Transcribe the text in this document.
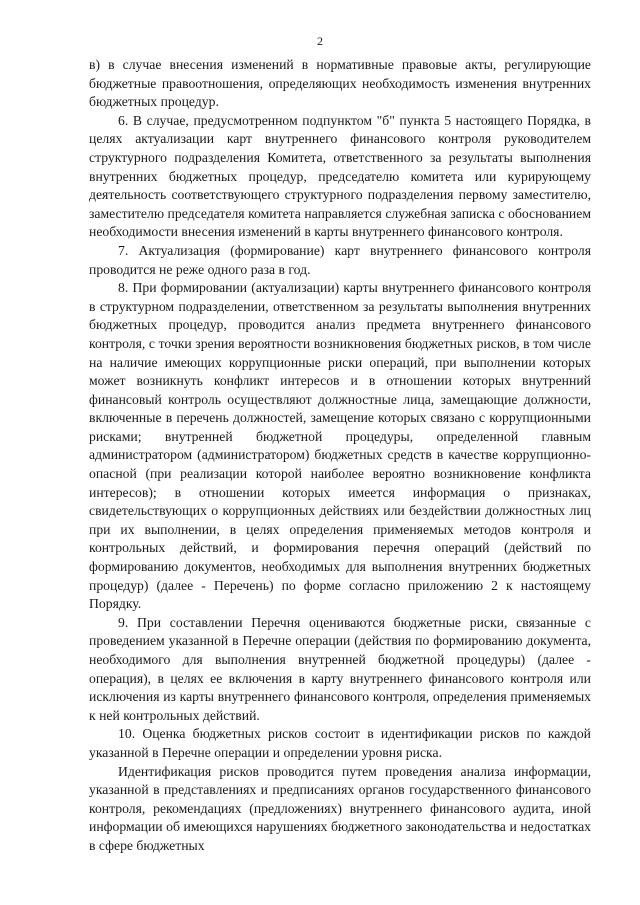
2

в) в случае внесения изменений в нормативные правовые акты, регулирующие бюджетные правоотношения, определяющих необходимость изменения внутренних бюджетных процедур.

6. В случае, предусмотренном подпунктом "б" пункта 5 настоящего Порядка, в целях актуализации карт внутреннего финансового контроля руководителем структурного подразделения Комитета, ответственного за результаты выполнения внутренних бюджетных процедур, председателю комитета или курирующему деятельность соответствующего структурного подразделения первому заместителю, заместителю председателя комитета направляется служебная записка с обоснованием необходимости внесения изменений в карты внутреннего финансового контроля.

7. Актуализация (формирование) карт внутреннего финансового контроля проводится не реже одного раза в год.

8. При формировании (актуализации) карты внутреннего финансового контроля в структурном подразделении, ответственном за результаты выполнения внутренних бюджетных процедур, проводится анализ предмета внутреннего финансового контроля, с точки зрения вероятности возникновения бюджетных рисков, в том числе на наличие имеющих коррупционные риски операций, при выполнении которых может возникнуть конфликт интересов и в отношении которых внутренний финансовый контроль осуществляют должностные лица, замещающие должности, включенные в перечень должностей, замещение которых связано с коррупционными рисками; внутренней бюджетной процедуры, определенной главным администратором (администратором) бюджетных средств в качестве коррупционно-опасной (при реализации которой наиболее вероятно возникновение конфликта интересов); в отношении которых имеется информация о признаках, свидетельствующих о коррупционных действиях или бездействии должностных лиц при их выполнении, в целях определения применяемых методов контроля и контрольных действий, и формирования перечня операций (действий по формированию документов, необходимых для выполнения внутренних бюджетных процедур) (далее - Перечень) по форме согласно приложению 2 к настоящему Порядку.

9. При составлении Перечня оцениваются бюджетные риски, связанные с проведением указанной в Перечне операции (действия по формированию документа, необходимого для выполнения внутренней бюджетной процедуры) (далее - операция), в целях ее включения в карту внутреннего финансового контроля или исключения из карты внутреннего финансового контроля, определения применяемых к ней контрольных действий.

10. Оценка бюджетных рисков состоит в идентификации рисков по каждой указанной в Перечне операции и определении уровня риска.

Идентификация рисков проводится путем проведения анализа информации, указанной в представлениях и предписаниях органов государственного финансового контроля, рекомендациях (предложениях) внутреннего финансового аудита, иной информации об имеющихся нарушениях бюджетного законодательства и недостатках в сфере бюджетных
